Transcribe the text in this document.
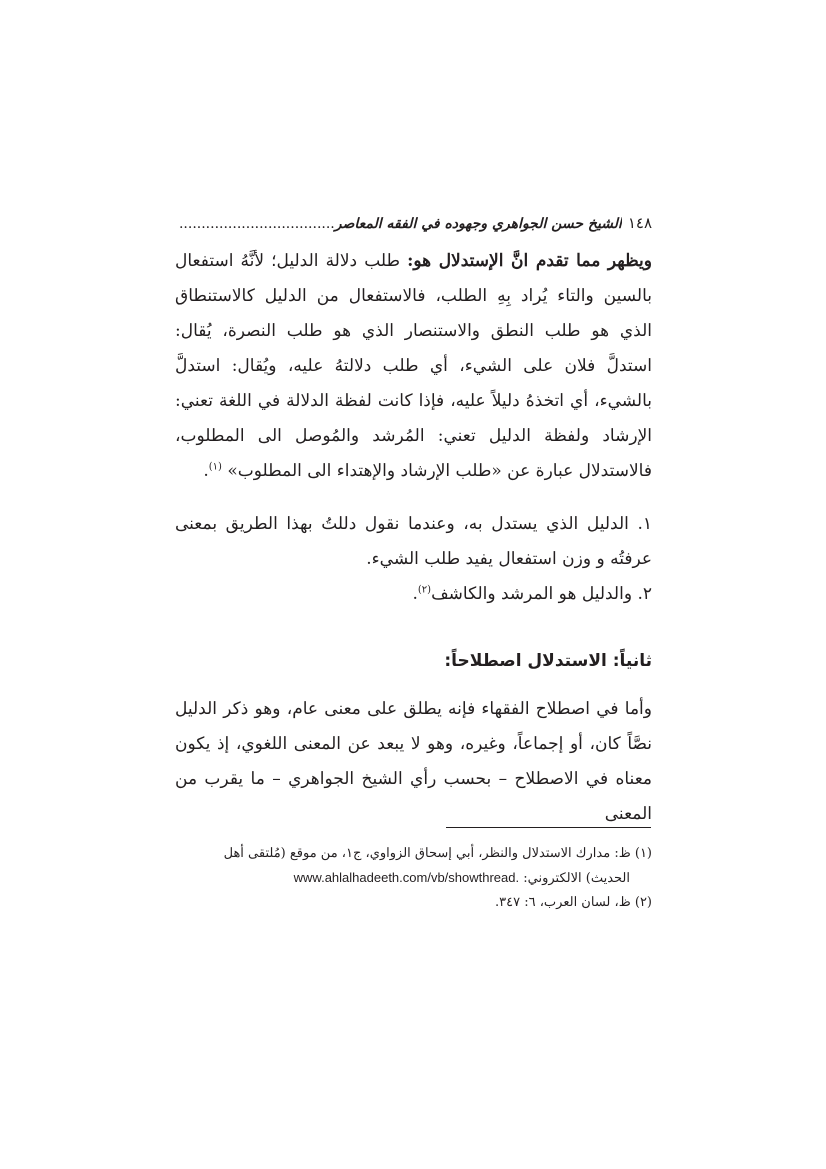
١٤٨
الشيخ حسن الجواهري وجهوده في الفقه المعاصر
...................................

ويظهر مما تقدم انَّ الإستدلال هو: طلب دلالة الدليل؛ لأنَّهُ استفعال بالسين والتاء يُراد بِهِ الطلب، فالاستفعال من الدليل كالاستنطاق الذي هو طلب النطق والاستنصار الذي هو طلب النصرة، يُقال: استدلَّ فلان على الشيء، أي طلب دلالتهُ عليه، ويُقال: استدلَّ بالشيء، أي اتخذهُ دليلاً عليه، فإذا كانت لفظة الدلالة في اللغة تعني: الإرشاد ولفظة الدليل تعني: المُرشد والمُوصل الى المطلوب، فالاستدلال عبارة عن «طلب الإرشاد والإهتداء الى المطلوب» $^{(١)}$.

١. الدليل الذي يستدل به، وعندما نقول دللتُ بهذا الطريق بمعنى عرفتُه و وزن استفعال يفيد طلب الشيء.
٢. والدليل هو المرشد والكاشف$^{(٢)}$.
ثانياً: الاستدلال اصطلاحاً:

وأما في اصطلاح الفقهاء فإنه يطلق على معنى عام، وهو ذكر الدليل نصَّاً كان، أو إجماعاً، وغيره، وهو لا يبعد عن المعنى اللغوي، إذ يكون معناه في الاصطلاح – بحسب رأي الشيخ الجواهري – ما يقرب من المعنى

(١) ظ: مدارك الاستدلال والنظر، أبي إسحاق الزواوي، ج١، من موقع (مُلتقى أهل
الحديث) الالكتروني: www.ahlalhadeeth.com/vb/showthread.

(٢) ظ، لسان العرب، ٦: ٣٤٧.
